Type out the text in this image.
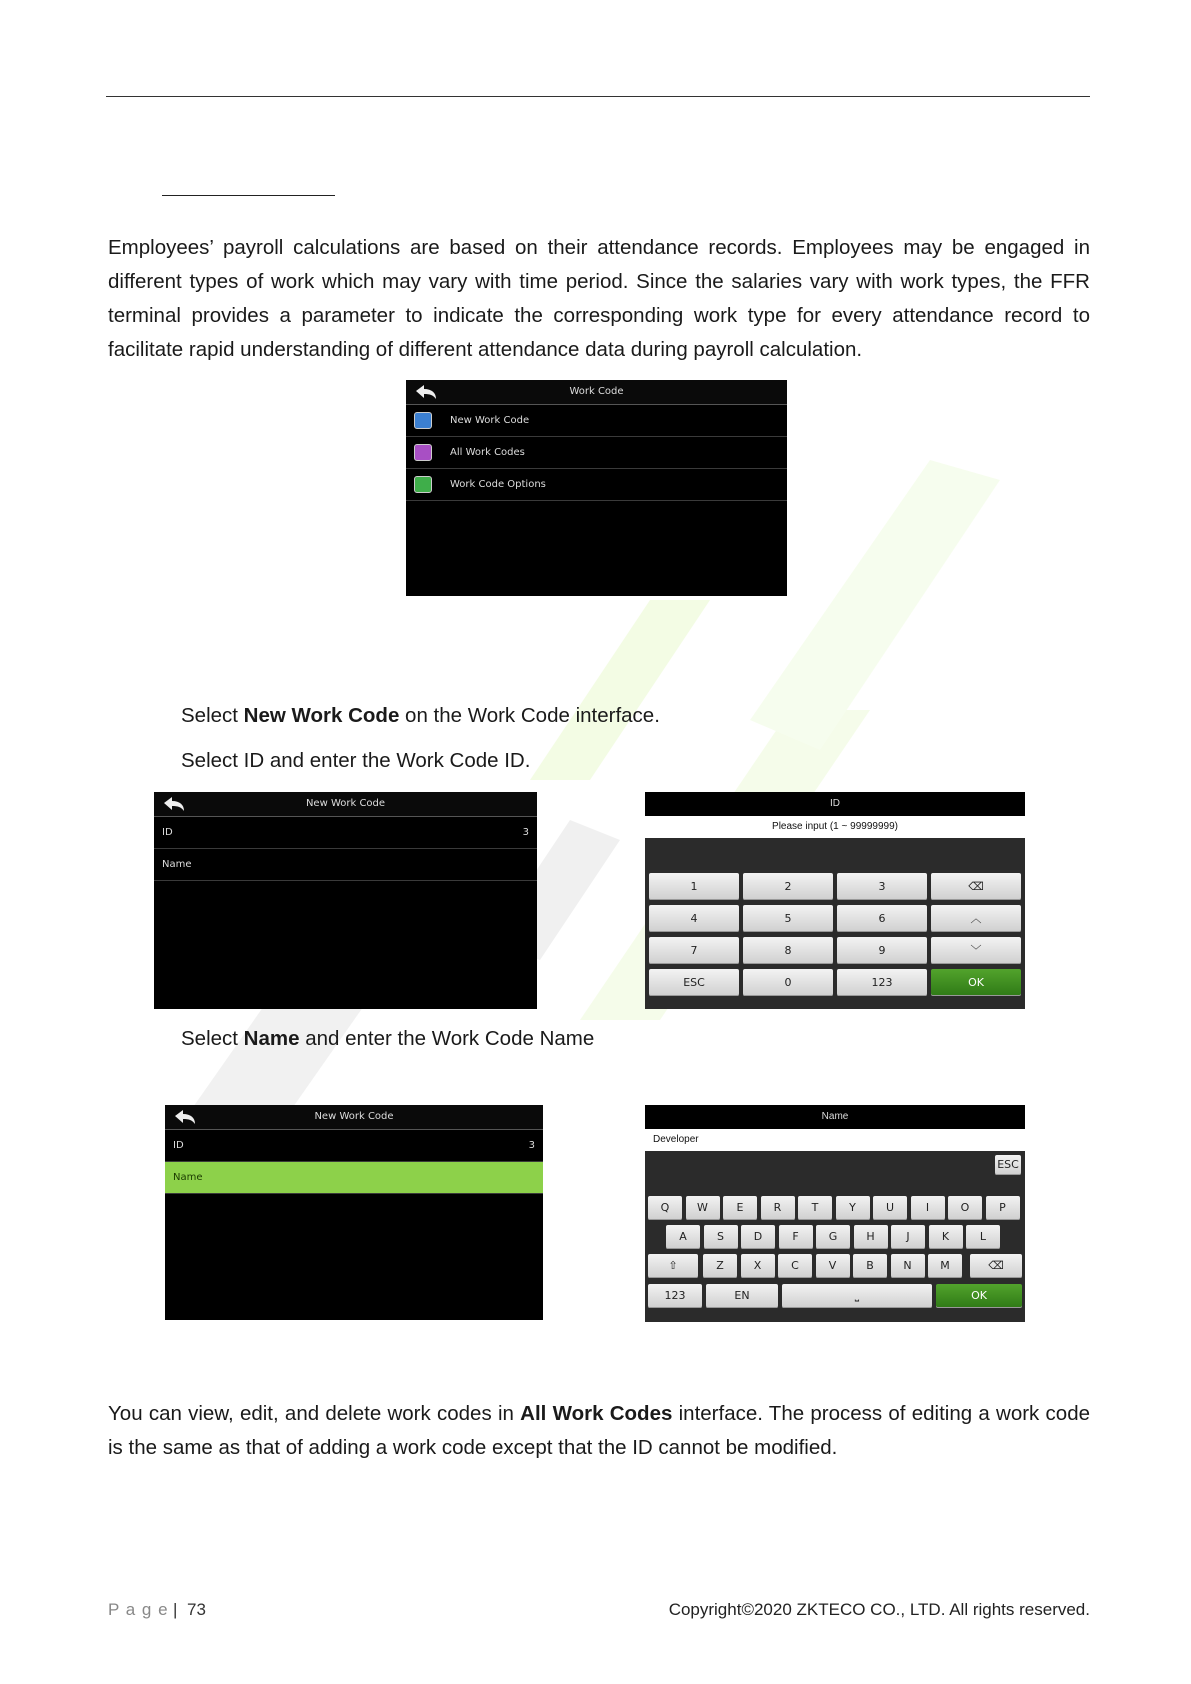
Employees’ payroll calculations are based on their attendance records. Employees may be engaged in different types of work which may vary with time period. Since the salaries vary with work types, the FFR terminal provides a parameter to indicate the corresponding work type for every attendance record to facilitate rapid understanding of different attendance data during payroll calculation.
Work Code
New Work Code
All Work Codes
Work Code Options
Select New Work Code on the Work Code interface.
Select ID and enter the Work Code ID.
New Work Code
ID	3
Name
ID
Please input (1 ~ 99999999)
1	2	3	⌫
4	5	6	︿
7	8	9	﹀
ESC	0	123	OK
Select Name and enter the Work Code Name
New Work Code
ID	3
Name
Name
Developer
ESC
Q	W	E	R	T	Y	U	I	O	P
A	S	D	F	G	H	J	K	L
⇧	Z	X	C	V	B	N	M	⌫
123	EN	⎵	OK
You can view, edit, and delete work codes in All Work Codes interface. The process of editing a work code is the same as that of adding a work code except that the ID cannot be modified.
P a g e | 73	Copyright©2020 ZKTECO CO., LTD. All rights reserved.
